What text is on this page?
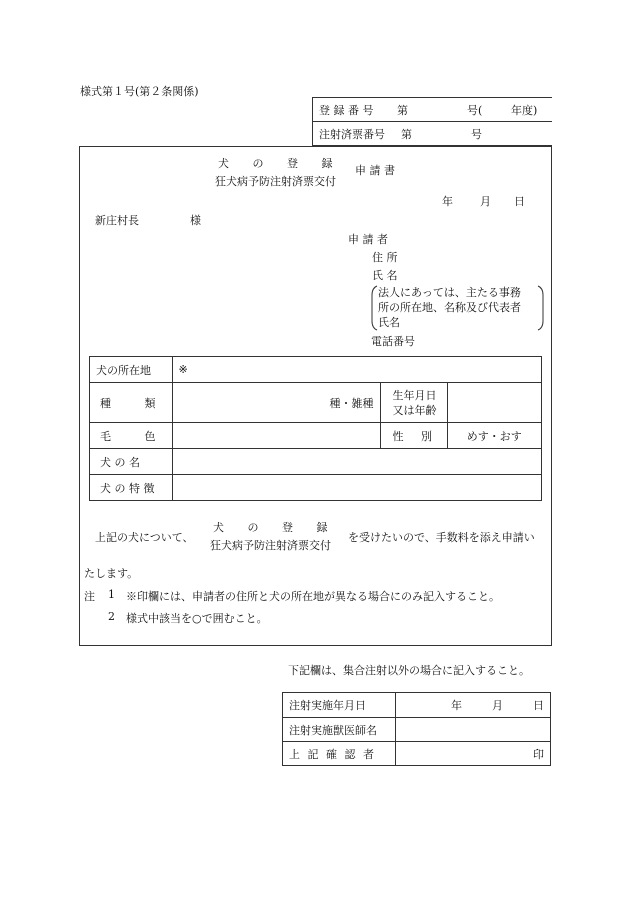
様式第１号(第２条関係)
登 録 番 号	第	号(	年度)

注射済票番号	第	号
犬 の 登 録
狂犬病予防注射済票交付
申 請 書
年 月 日
新庄村長	様
申 請 者
住 所
氏 名
法人にあっては、主たる事務
所の所在地、名称及び代表者
氏名
電話番号
犬の所在地	※		

種 類	種・雑種	生年月日
又は年齢	

毛 色		性 別	めす・おす
犬 の 名			
犬 の 特 徴			
上記の犬について、
犬 の 登 録
狂犬病予防注射済票交付
を受けたいので、手数料を添え申請い
たします。
注 1 ※印欄には、申請者の住所と犬の所在地が異なる場合にのみ記入すること。
2 様式中該当を○で囲むこと。
下記欄は、集合注射以外の場合に記入すること。
注射実施年月日	年 月 日

注射実施獣医師名	
上 記 確 認 者	印
